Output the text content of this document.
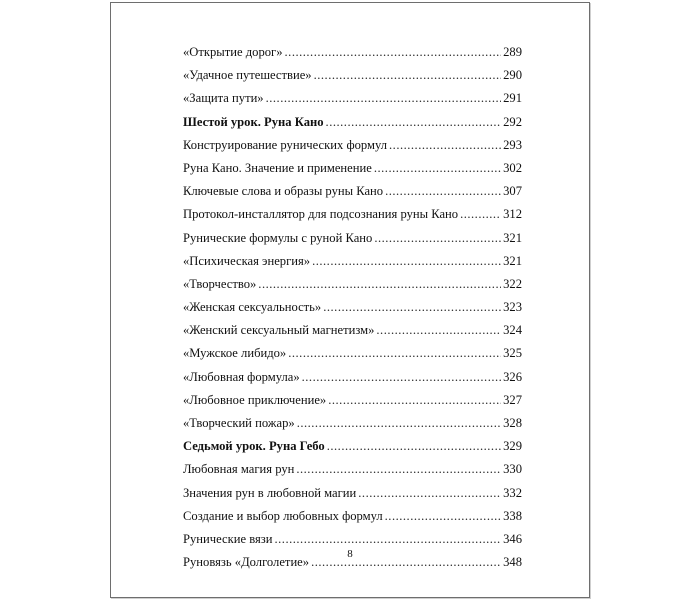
«Открытие дорог» .....	289
«Удачное путешествие» .....	290
«Защита пути» .....	291
Шестой урок. Руна Кано .....	292
Конструирование рунических формул .....	293
Руна Кано. Значение и применение .....	302
Ключевые слова и образы руны Кано .....	307
Протокол-инсталлятор для подсознания руны Кано .....	312
Рунические формулы с руной Кано .....	321
«Психическая энергия» .....	321
«Творчество» .....	322
«Женская сексуальность» .....	323
«Женский сексуальный магнетизм» .....	324
«Мужское либидо» .....	325
«Любовная формула» .....	326
«Любовное приключение» .....	327
«Творческий пожар» .....	328
Седьмой урок. Руна Гебо .....	329
Любовная магия рун .....	330
Значения рун в любовной магии .....	332
Создание и выбор любовных формул .....	338
Рунические вязи .....	346
Руновязь «Долголетие» .....	348
8
